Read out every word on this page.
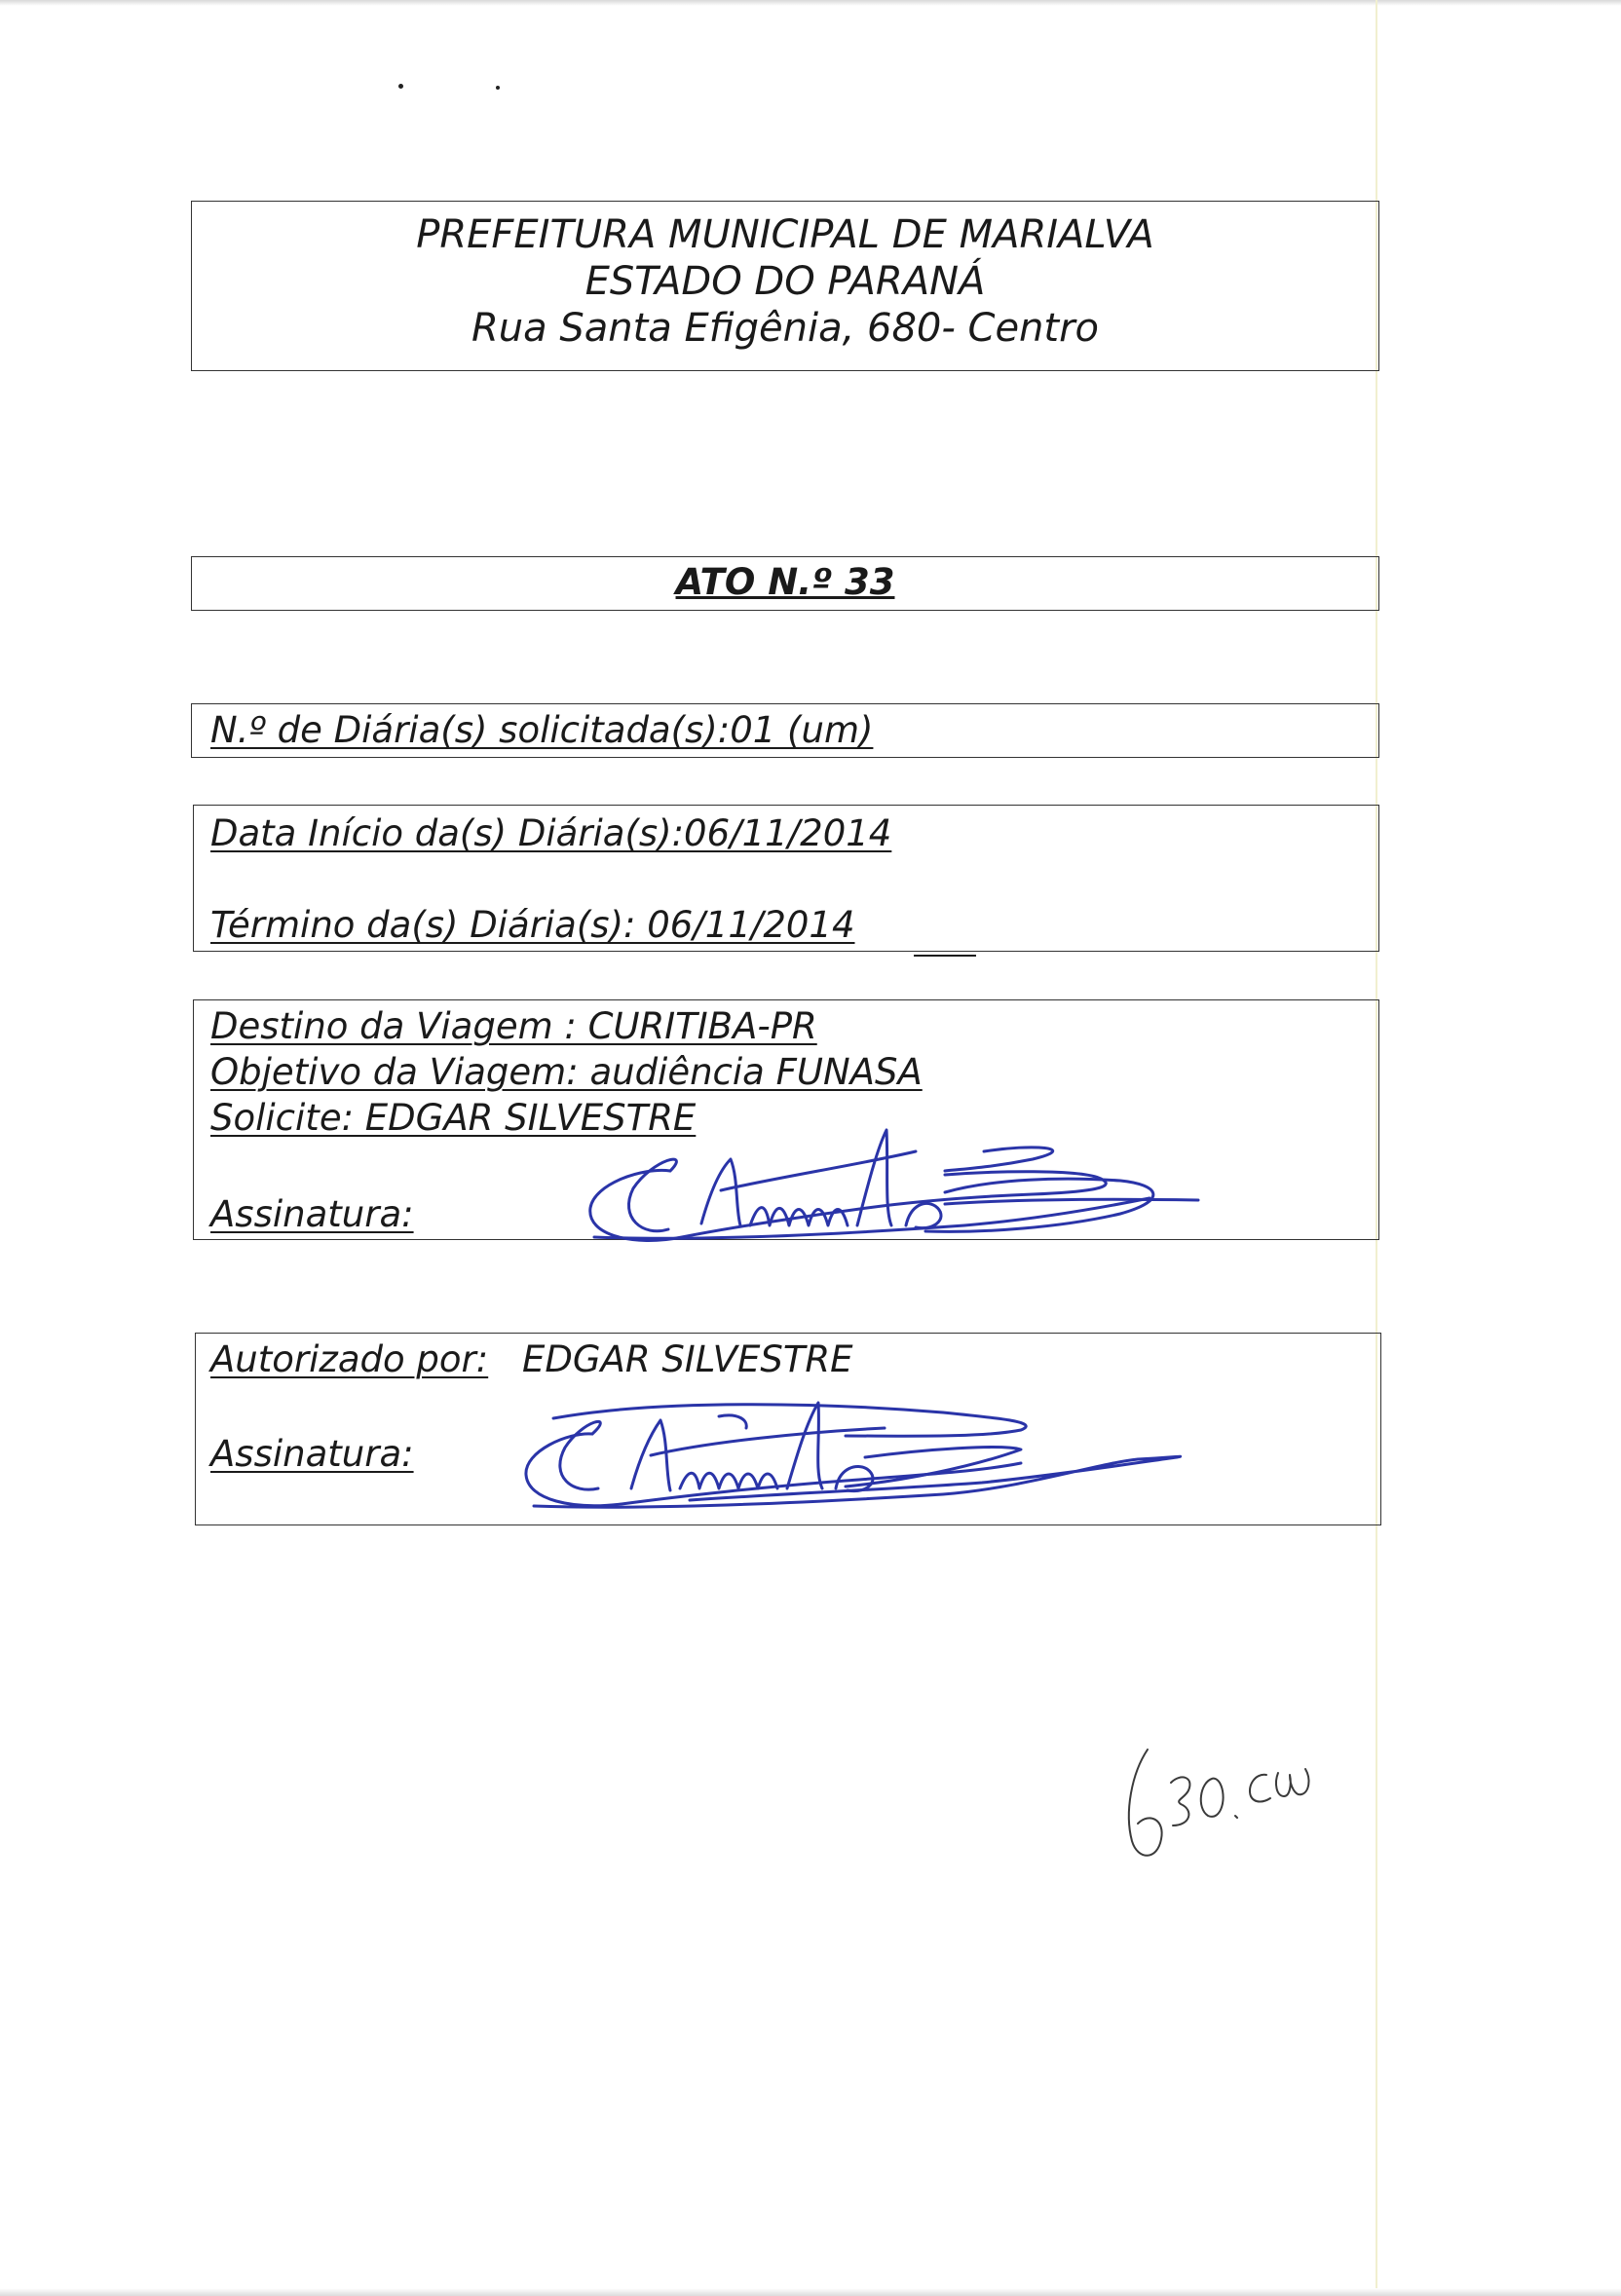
PREFEITURA MUNICIPAL DE MARIALVA
ESTADO DO PARANÁ
Rua Santa Efigênia, 680- Centro
ATO N.º 33
N.º de Diária(s) solicitada(s):01 (um)
Data Início da(s) Diária(s):06/11/2014
Término da(s) Diária(s): 06/11/2014
Destino da Viagem : CURITIBA-PR
Objetivo da Viagem: audiência FUNASA
Solicite: EDGAR SILVESTRE
Assinatura:
Autorizado por: EDGAR SILVESTRE
Assinatura:
